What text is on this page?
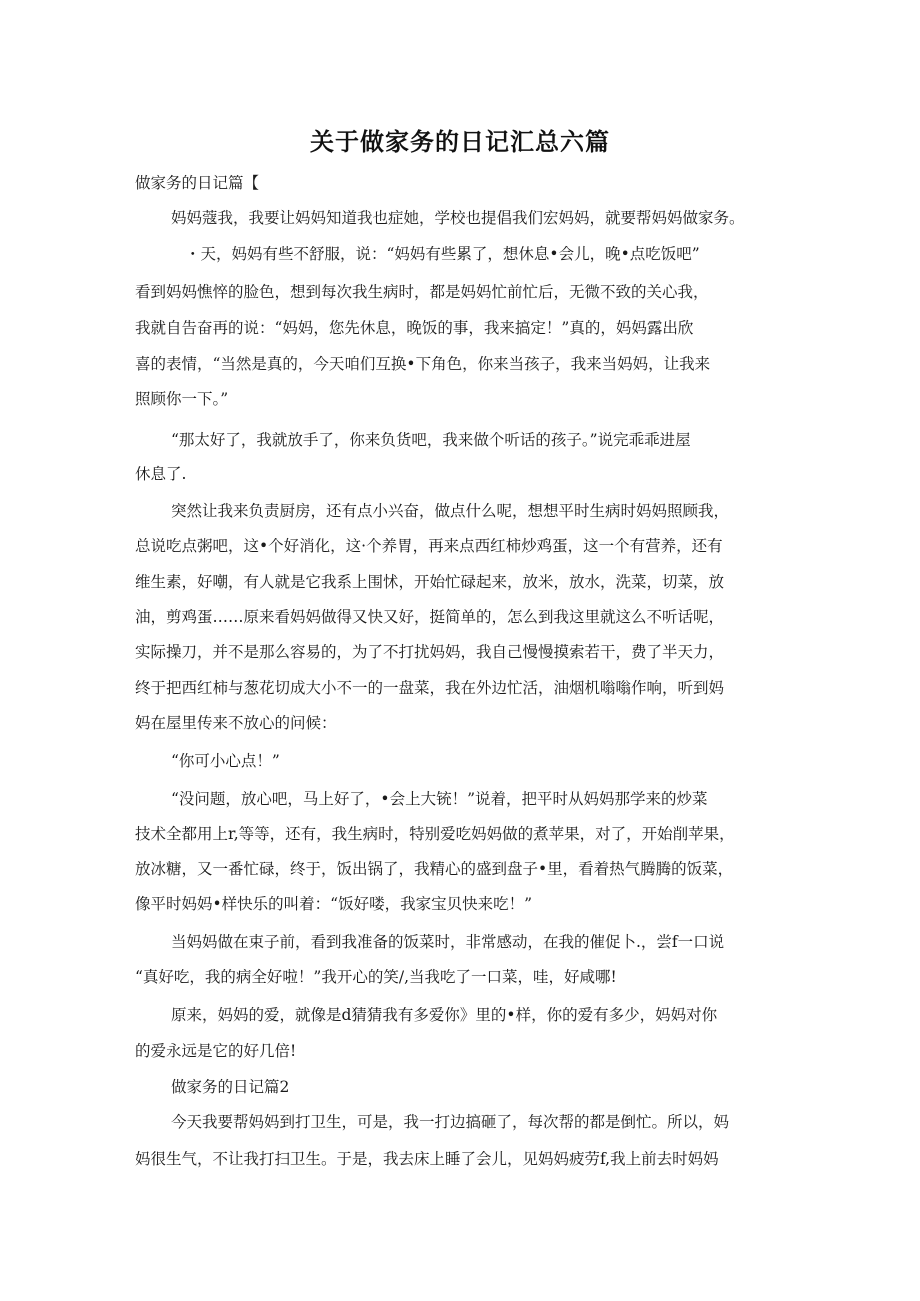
关于做家务的日记汇总六篇
做家务的日记篇【
妈妈蔻我，我要让妈妈知道我也症她，学校也提倡我们宏妈妈，就要帮妈妈做家务。
・天，妈妈有些不舒服，说：“妈妈有些累了，想休息•会儿，晚•点吃饭吧”
看到妈妈憔悴的脸色，想到每次我生病时，都是妈妈忙前忙后，无微不致的关心我，
我就自告奋再的说：“妈妈，您先休息，晚饭的事，我来搞定！”真的，妈妈露出欣
喜的表情，“当然是真的，今天咱们互换•下角色，你来当孩子，我来当妈妈，让我来
照顾你一下。”
“那太好了，我就放手了，你来负货吧，我来做个听话的孩子。”说完乖乖进屋
休息了.
突然让我来负责厨房，还有点小兴奋，做点什么呢，想想平时生病时妈妈照顾我，
总说吃点粥吧，这•个好消化，这·个养胃，再来点西红柿炒鸡蛋，这一个有营养，还有
维生素，好嘲，有人就是它我系上围怵，开始忙碌起来，放米，放水，洗菜，切菜，放
油，剪鸡蛋……原来看妈妈做得又快又好，挺简单的，怎么到我这里就这么不听话呢，
实际操刀，并不是那么容易的，为了不打扰妈妈，我自己慢慢摸索若干，费了半天力，
终于把西红柿与葱花切成大小不一的一盘菜，我在外边忙活，油烟机嗡嗡作响，听到妈
妈在屋里传来不放心的问候：
“你可小心点！”
“没问题，放心吧，马上好了，•会上大铳！”说着，把平时从妈妈那学来的炒菜
技术全都用上r,等等，还有，我生病时，特别爱吃妈妈做的煮苹果，对了，开始削苹果，
放冰糖，又一番忙碌，终于，饭出锅了，我精心的盛到盘子•里，看着热气腾腾的饭菜，
像平时妈妈•样快乐的叫着：“饭好喽，我家宝贝快来吃！”
当妈妈做在束子前，看到我准备的饭菜时，非常感动，在我的催促卜.，尝f一口说
“真好吃，我的病全好啦！”我开心的笑/,当我吃了一口菜，哇，好咸哪!
原来，妈妈的爱，就像是d猜猜我有多爱你》里的•样，你的爱有多少，妈妈对你
的爱永远是它的好几倍!
做家务的日记篇2
今天我要帮妈妈到打卫生，可是，我一打边搞砸了，每次帮的都是倒忙。所以，妈
妈很生气，不让我打扫卫生。于是，我去床上睡了会儿，见妈妈疲劳f,我上前去时妈妈
